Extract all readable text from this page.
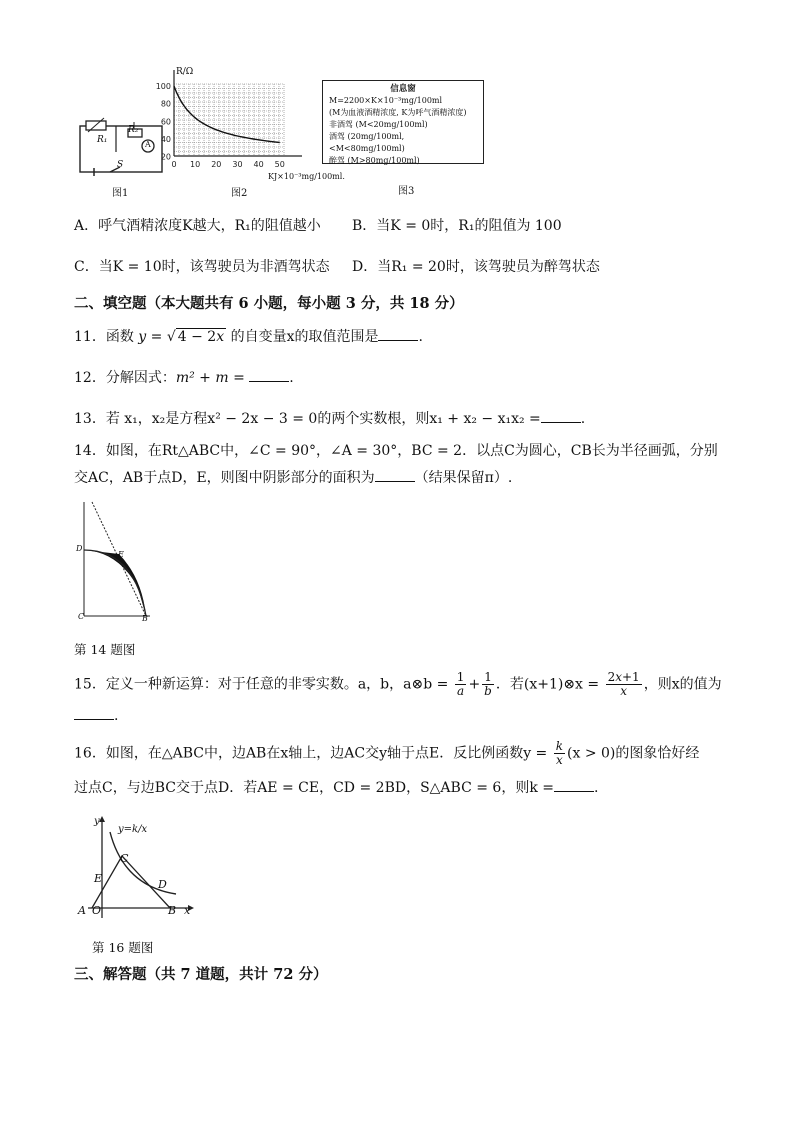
R₁
R₂
A
S
图1
100
80
60
40
20
0 10 20 30 40 50
R/Ω
KJ×10⁻³mg/100ml.
图2
信息窗
M=2200×K×10⁻³mg/100ml
(M为血液酒精浓度, K为呼气酒精浓度)
非酒驾 (M<20mg/100ml)
酒驾 (20mg/100ml,<M<80mg/100ml)
醉驾 (M>80mg/100ml)
图3
A．呼气酒精浓度K越大，R₁的阻值越小 B．当K = 0时，R₁的阻值为 100
C．当K = 10时，该驾驶员为非酒驾状态 D．当R₁ = 20时，该驾驶员为醉驾状态
二、填空题（本大题共有 6 小题，每小题 3 分，共 18 分）
11．函数 y = √ 4 − 2x 的自变量x的取值范围是	.
12．分解因式：m² + m =	.
13．若 x₁，x₂是方程x² − 2x − 3 = 0的两个实数根，则x₁ + x₂ − x₁x₂ =	.
14．如图，在Rt△ABC中，∠C = 90°，∠A = 30°，BC = 2．以点C为圆心，CB长为半径画弧，分别
交AC，AB于点D，E，则图中阴影部分的面积为	（结果保留π）.
D
E
C	B
第 14 题图
15．定义一种新运算：对于任意的非零实数。a，b，a⊗b = $\frac{1}{a} + \frac{1}{b}$ ．若(x+1)⊗x = $\frac{2x+1}{x}$ ，则x的值为
.
16．如图，在△ABC中，边AB在x轴上，边AC交y轴于点E．反比例函数$y = \frac{k}{x} (x > 0)$的图象恰好经
过点C，与边BC交于点D．若AE = CE，CD = 2BD，S△ABC = 6，则k =	.
y
y=k/x
C
E	D
A O	B x
第 16 题图
三、解答题（共 7 道题，共计 72 分）
